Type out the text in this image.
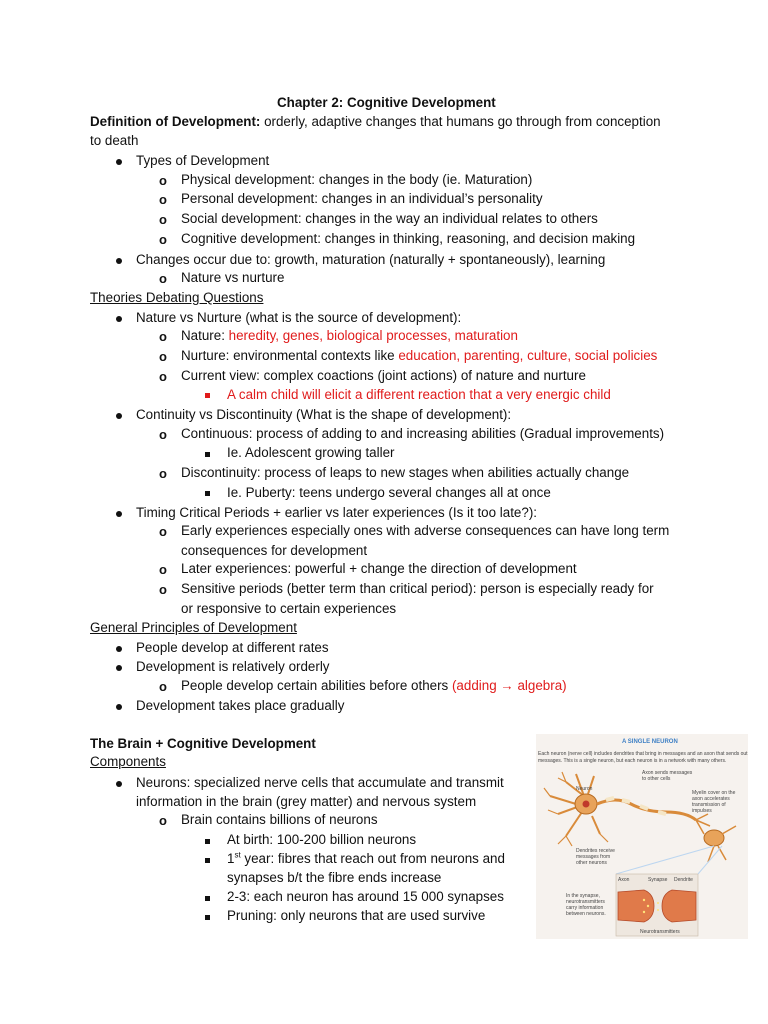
Chapter 2: Cognitive Development
Definition of Development: orderly, adaptive changes that humans go through from conception
to death
Types of Development
o Physical development: changes in the body (ie. Maturation)
o Personal development: changes in an individual’s personality
o Social development: changes in the way an individual relates to others
o Cognitive development: changes in thinking, reasoning, and decision making
Changes occur due to: growth, maturation (naturally + spontaneously), learning
o Nature vs nurture
Theories Debating Questions
Nature vs Nurture (what is the source of development):
o Nature: heredity, genes, biological processes, maturation
o Nurture: environmental contexts like education, parenting, culture, social policies
o Current view: complex coactions (joint actions) of nature and nurture
A calm child will elicit a different reaction that a very energic child
Continuity vs Discontinuity (What is the shape of development):
o Continuous: process of adding to and increasing abilities (Gradual improvements)
Ie. Adolescent growing taller
o Discontinuity: process of leaps to new stages when abilities actually change
Ie. Puberty: teens undergo several changes all at once
Timing Critical Periods + earlier vs later experiences (Is it too late?):
o Early experiences especially ones with adverse consequences can have long term
consequences for development
o Later experiences: powerful + change the direction of development
o Sensitive periods (better term than critical period): person is especially ready for
or responsive to certain experiences
General Principles of Development
People develop at different rates
Development is relatively orderly
o People develop certain abilities before others (adding → algebra)
Development takes place gradually
The Brain + Cognitive Development
Components
Neurons: specialized nerve cells that accumulate and transmit
information in the brain (grey matter) and nervous system
o Brain contains billions of neurons
At birth: 100-200 billion neurons
1st year: fibres that reach out from neurons and
synapses b/t the fibre ends increase
2-3: each neuron has around 15 000 synapses
Pruning: only neurons that are used survive
A SINGLE NEURON
Each neuron (nerve cell) includes dendrites that bring in messages and an axon that sends out
messages. This is a single neuron, but each neuron is in a network with many others.
Axon sends messages
to other cells
Neuron
Myelin cover on the
axon accelerates
transmission of
impulses
Dendrites receive
messages from
other neurons
Axon	Synapse Dendrite
In the synapse,
neurotransmitters
carry information
between neurons.
Neurotransmitters
